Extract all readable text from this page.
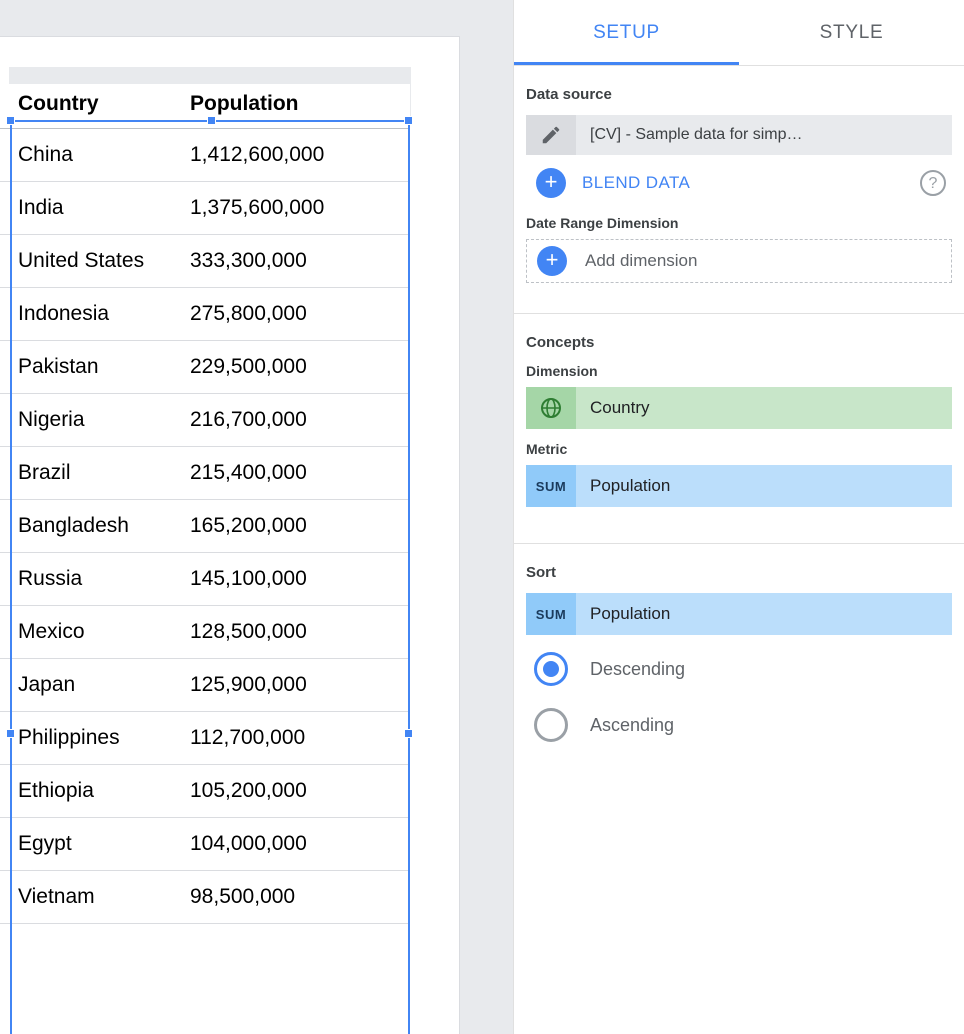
Country	Population
China	1,412,600,000
India	1,375,600,000
United States	333,300,000
Indonesia	275,800,000
Pakistan	229,500,000
Nigeria	216,700,000
Brazil	215,400,000
Bangladesh	165,200,000
Russia	145,100,000
Mexico	128,500,000
Japan	125,900,000
Philippines	112,700,000
Ethiopia	105,200,000
Egypt	104,000,000
Vietnam	98,500,000
SETUP	STYLE
Data source
[CV] - Sample data for simp…
+	BLEND DATA	?
Date Range Dimension
+	Add dimension
Concepts
Dimension
Country
Metric
SUM	Population
Sort
SUM	Population
Descending
Ascending
